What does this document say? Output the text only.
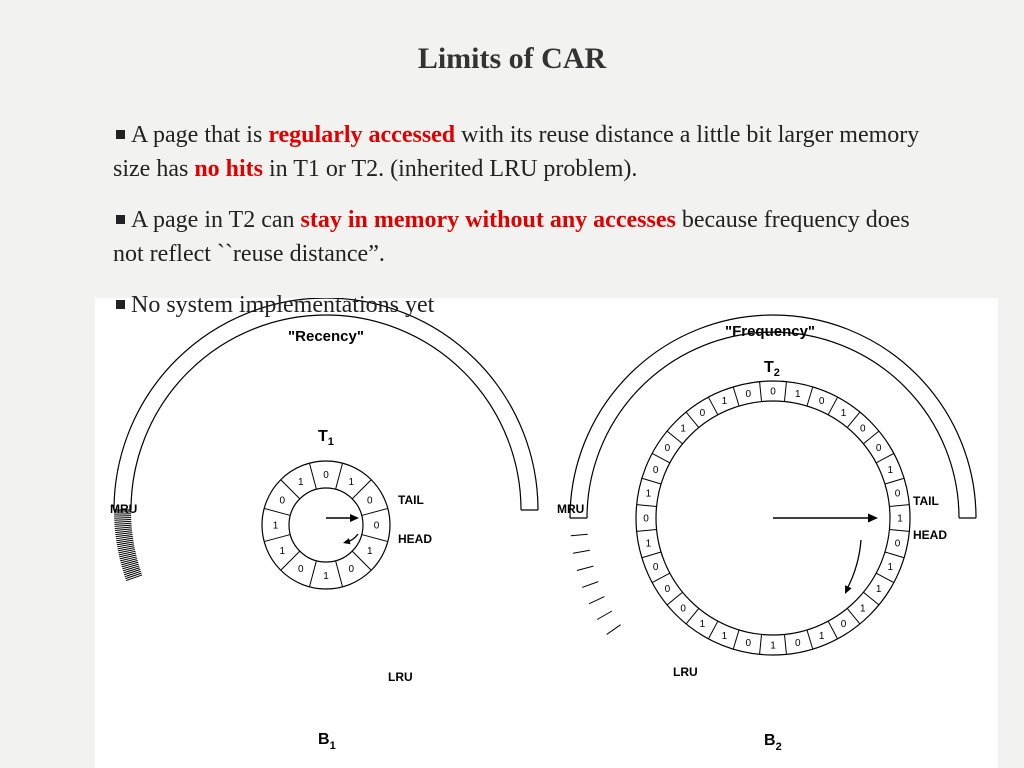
Limits of CAR
A page that is regularly accessed with its reuse distance a little bit larger memory size has no hits in T1 or T2. (inherited LRU problem).
A page in T2 can stay in memory without any accesses because frequency does not reflect ``reuse distance”.
"Recency"
$T_1$
TAIL
HEAD
MRU
LRU
$B_1$
0
1
0
0
1
0
1
0
1
1
0
1
"Frequency"
$T_2$
TAIL
HEAD
MRU
LRU
$B_2$
0 1
0
1
0
0
1
0
1
0
1
1
1
0
1
0
1
0
1
1
0
0
0
1
0
1
0
0
1
0
1
0
No system implementations yet
